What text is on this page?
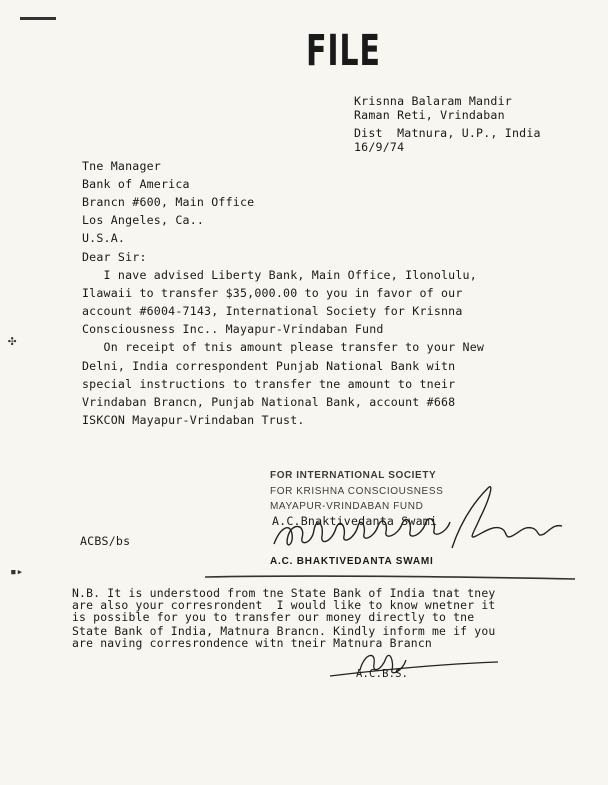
✣
▪▸
FILE
Krisnna Balaram Mandir
Raman Reti, Vrindaban
Dist  Matnura, U.P., India
16/9/74
Tne Manager
Bank of America
Brancn #600, Main Office
Los Angeles, Ca..
U.S.A.
Dear Sir:
I nave advised Liberty Bank, Main Office, Ilonolulu,
Ilawaii to transfer $35,000.00 to you in favor of our
account #6004-7143, International Society for Krisnna
Consciousness Inc.. Mayapur-Vrindaban Fund
On receipt of tnis amount please transfer to your New
Delni, India correspondent Punjab National Bank witn
special instructions to transfer tne amount to tneir
Vrindaban Brancn, Punjab National Bank, account #668
ISKCON Mayapur-Vrindaban Trust.
FOR INTERNATIONAL SOCIETY
FOR KRISHNA CONSCIOUSNESS
MAYAPUR-VRINDABAN FUND
A.C.Bnaktivedanta Swami
A.C. BHAKTIVEDANTA SWAMI
ACBS/bs
N.B. It is understood from tne State Bank of India tnat tney
are also your corresrondent  I would like to know wnetner it
is possible for you to transfer our money directly to tne
State Bank of India, Matnura Brancn. Kindly inform me if you
are naving corresrondence witn tneir Matnura Brancn
A.C.B.S.
